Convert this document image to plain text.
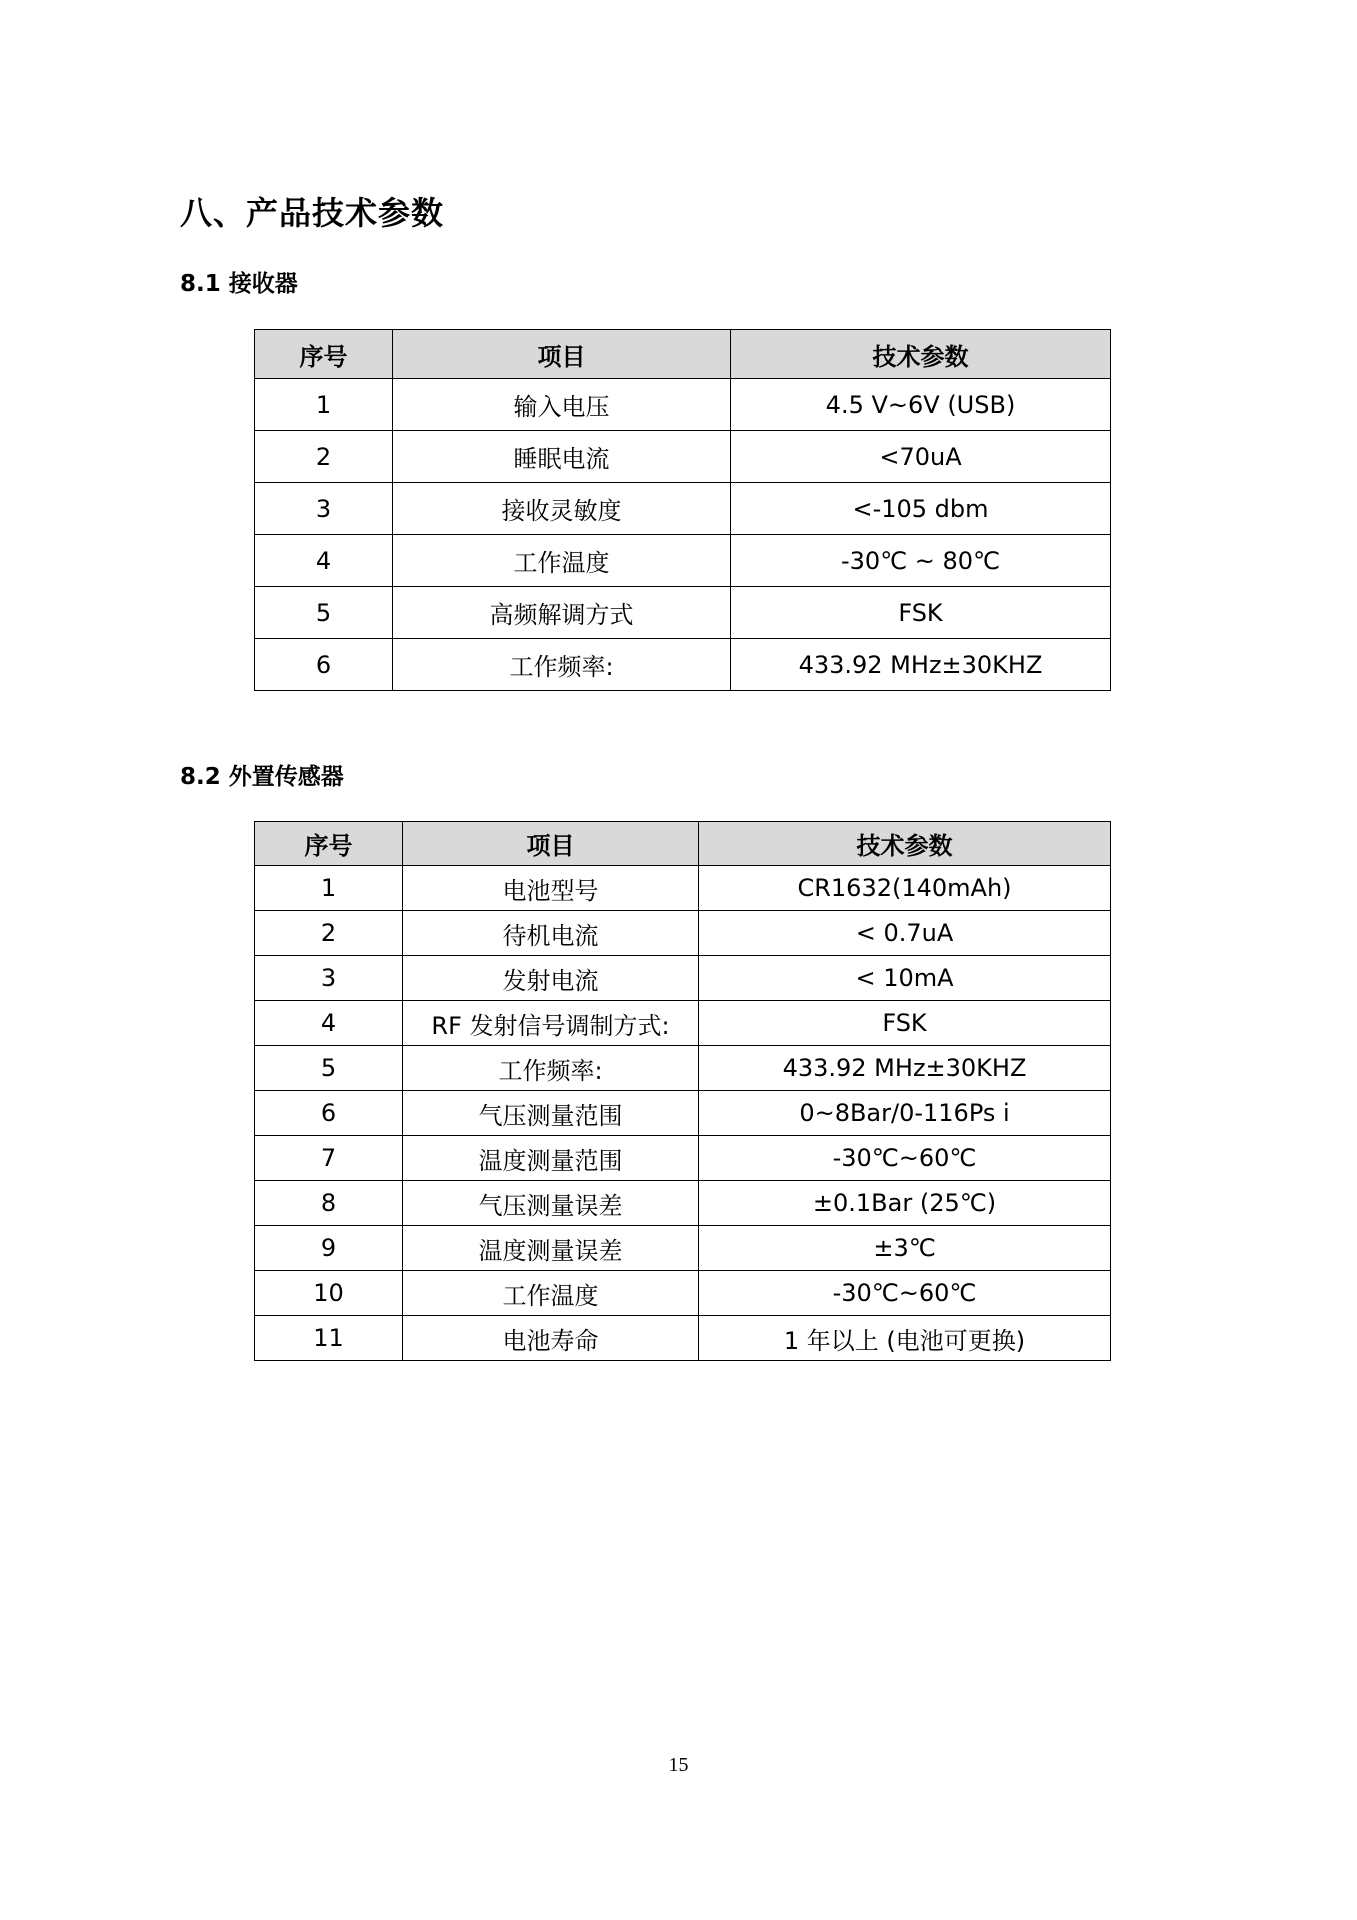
八、产品技术参数
8.1 接收器
序号	项目	技术参数
1	输入电压	4.5 V~6V (USB)
2	睡眠电流	<70uA
3	接收灵敏度	<-105 dbm
4	工作温度	-30℃ ~ 80℃
5	高频解调方式	FSK
6	工作频率:	433.92 MHz±30KHZ
8.2 外置传感器
序号	项目	技术参数
1	电池型号	CR1632(140mAh)
2	待机电流	< 0.7uA
3	发射电流	< 10mA
4	RF 发射信号调制方式:	FSK
5	工作频率:	433.92 MHz±30KHZ
6	气压测量范围	0~8Bar/0-116Ps i
7	温度测量范围	-30℃~60℃
8	气压测量误差	±0.1Bar (25℃)
9	温度测量误差	±3℃
10	工作温度	-30℃~60℃
11	电池寿命	1 年以上 (电池可更换)
15
